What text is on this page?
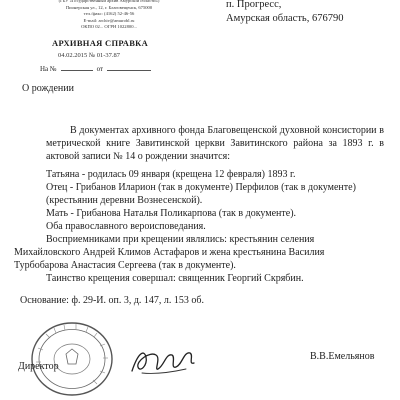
(ГБУ «Государственный архив Амурской области»)
Пионерская ул., 12, г. Благовещенск, 675000
тел./факс: (4162) 52-46-56
E-mail: archiv@amurobl.ru
ОКПО 02... ОГРН 1022800...
АРХИВНАЯ СПРАВКА
04.02.2015 № 01-37.87
На №	от
п. Прогресс,
Амурская область, 676790
О рождении

В документах архивного фонда Благовещенской духовной консистории в метрической книге Завитинской церкви Завитинского района за 1893 г. в актовой записи № 14 о рождении значится:

Татьяна - родилась 09 января (крещена 12 февраля) 1893 г.

Отец - Грибанов Иларион (так в документе) Перфилов (так в документе)

(крестьянин деревни Вознесенской).

Мать - Грибанова Наталья Поликарпова (так в документе).

Оба православного вероисповедания.

Восприемниками при крещении являлись: крестьянин селения

Михайловского Андрей Климов Астафаров и жена крестьянина Василия

Турбобарова Анастасия Сергеева (так в документе).

Таинство крещения совершал: священник Георгий Скрябин.

Основание: ф. 29-И. оп. 3, д. 147, л. 153 об.
Директор
В.В.Емельянов
